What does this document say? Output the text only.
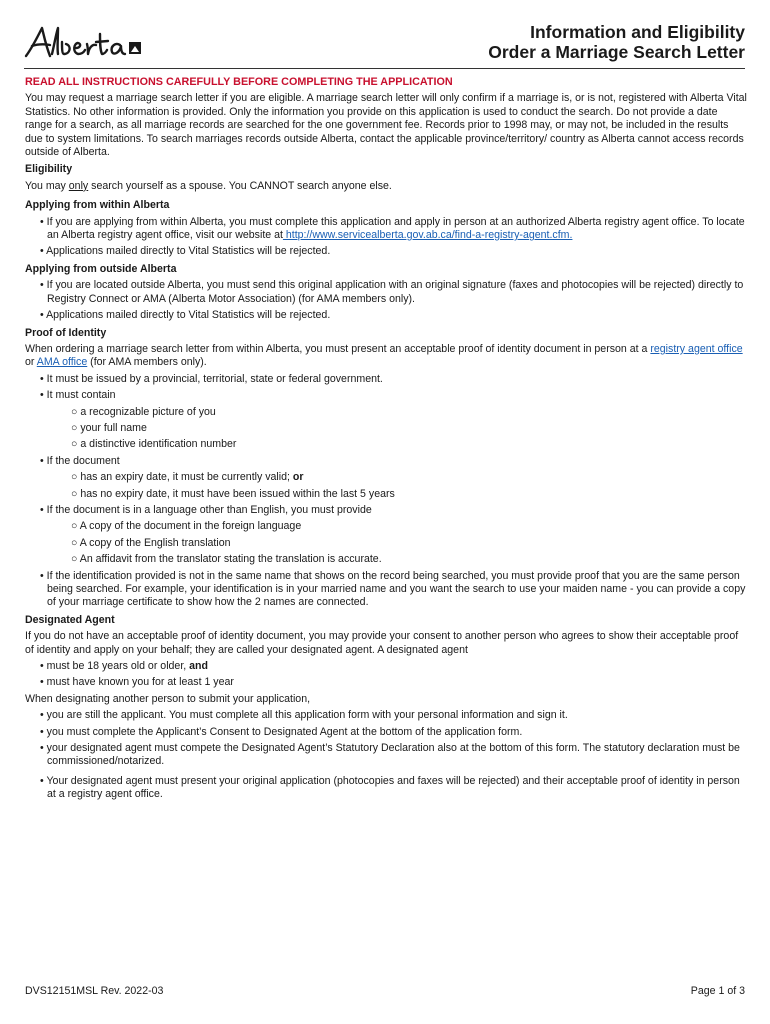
Information and Eligibility
Order a Marriage Search Letter

READ ALL INSTRUCTIONS CAREFULLY BEFORE COMPLETING THE APPLICATION

You may request a marriage search letter if you are eligible. A marriage search letter will only confirm if a marriage is, or is not, registered with Alberta Vital Statistics. No other information is provided. Only the information you provide on this application is used to conduct the search. Do not provide a date range for a search, as all marriage records are searched for the one government fee. Records prior to 1998 may, or may not, be included in the results due to system limitations. To search marriages records outside Alberta, contact the applicable province/territory/ country as Alberta cannot access records outside of Alberta.

Eligibility

You may only search yourself as a spouse. You CANNOT search anyone else.

Applying from within Alberta

• If you are applying from within Alberta, you must complete this application and apply in person at an authorized Alberta registry agent office. To locate an Alberta registry agent office, visit our website at http://www.servicealberta.gov.ab.ca/find-a-registry-agent.cfm.

• Applications mailed directly to Vital Statistics will be rejected.

Applying from outside Alberta

• If you are located outside Alberta, you must send this original application with an original signature (faxes and photocopies will be rejected) directly to Registry Connect or AMA (Alberta Motor Association) (for AMA members only).

• Applications mailed directly to Vital Statistics will be rejected.

Proof of Identity

When ordering a marriage search letter from within Alberta, you must present an acceptable proof of identity document in person at a registry agent office or AMA office (for AMA members only).

• It must be issued by a provincial, territorial, state or federal government.

• It must contain

○ a recognizable picture of you

○ your full name

○ a distinctive identification number

• If the document

○ has an expiry date, it must be currently valid; or

○ has no expiry date, it must have been issued within the last 5 years

• If the document is in a language other than English, you must provide

○ A copy of the document in the foreign language

○ A copy of the English translation

○ An affidavit from the translator stating the translation is accurate.

• If the identification provided is not in the same name that shows on the record being searched, you must provide proof that you are the same person being searched. For example, your identification is in your married name and you want the search to use your maiden name - you can provide a copy of your marriage certificate to show how the 2 names are connected.

Designated Agent

If you do not have an acceptable proof of identity document, you may provide your consent to another person who agrees to show their acceptable proof of identity and apply on your behalf; they are called your designated agent. A designated agent

• must be 18 years old or older, and

• must have known you for at least 1 year

When designating another person to submit your application,

• you are still the applicant. You must complete all this application form with your personal information and sign it.

• you must complete the Applicant’s Consent to Designated Agent at the bottom of the application form.

• your designated agent must compete the Designated Agent’s Statutory Declaration also at the bottom of this form. The statutory declaration must be commissioned/notarized.

• Your designated agent must present your original application (photocopies and faxes will be rejected) and their acceptable proof of identity in person at a registry agent office.

DVS12151MSL Rev. 2022-03	Page 1 of 3
